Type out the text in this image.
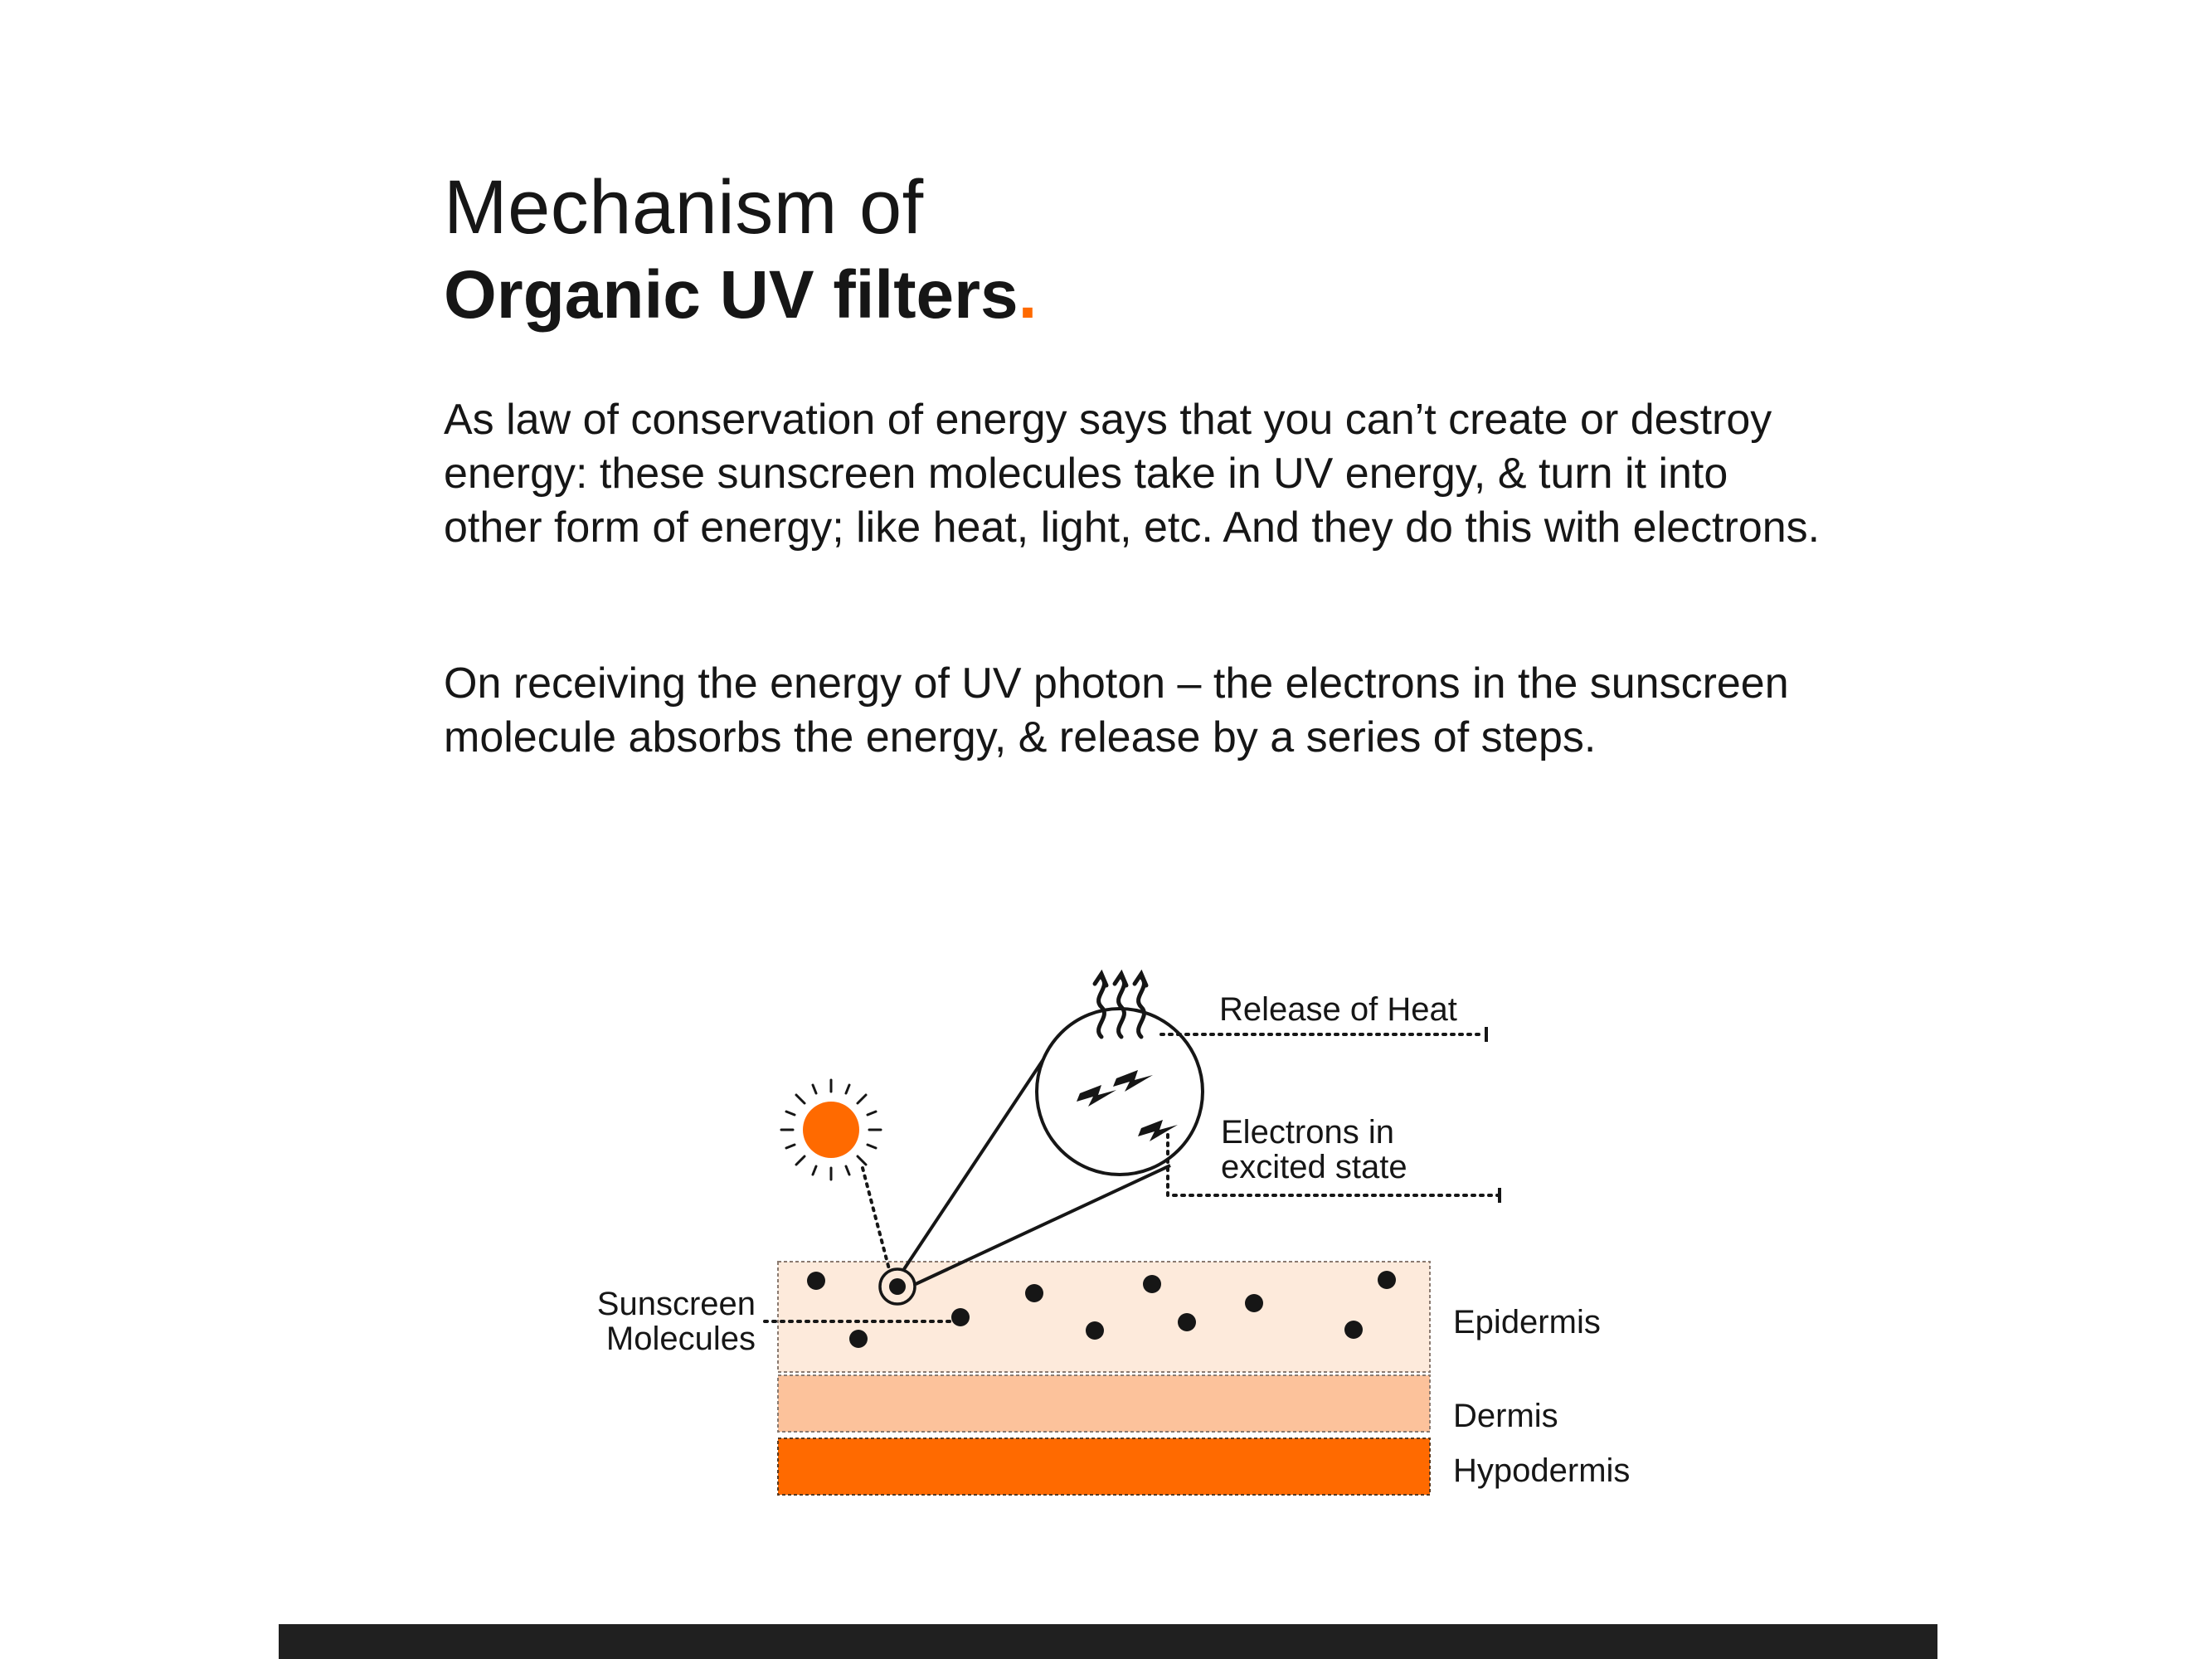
Mechanism of
Organic UV filters.

As law of conservation of energy says that you can’t create or destroy energy: these sunscreen molecules take in UV energy, & turn it into other form of energy; like heat, light, etc. And they do this with electrons.

On receiving the energy of UV photon – the electrons in the sunscreen molecule absorbs the energy, & release by a series of steps.

Release of Heat
Electrons in
excited state
Sunscreen
Molecules	Epidermis
Dermis
Hypodermis
